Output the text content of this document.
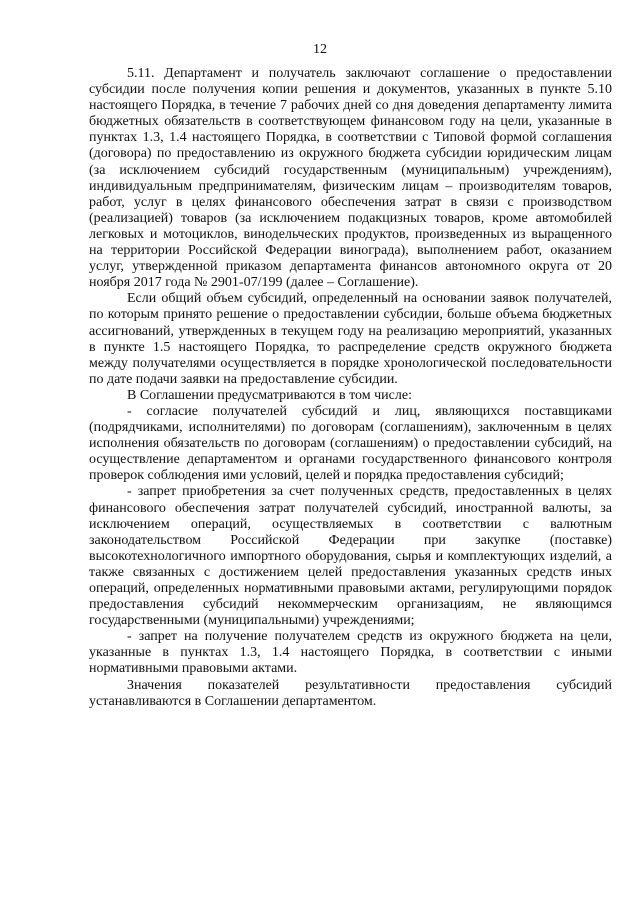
12

5.11. Департамент и получатель заключают соглашение о предоставлении субсидии после получения копии решения и документов, указанных в пункте 5.10 настоящего Порядка, в течение 7 рабочих дней со дня доведения департаменту лимита бюджетных обязательств в соответствующем финансовом году на цели, указанные в пунктах 1.3, 1.4 настоящего Порядка, в соответствии с Типовой формой соглашения (договора) по предоставлению из окружного бюджета субсидии юридическим лицам (за исключением субсидий государственным (муниципальным) учреждениям), индивидуальным предпринимателям, физическим лицам – производителям товаров, работ, услуг в целях финансового обеспечения затрат в связи с производством (реализацией) товаров (за исключением подакцизных товаров, кроме автомобилей легковых и мотоциклов, винодельческих продуктов, произведенных из выращенного на территории Российской Федерации винограда), выполнением работ, оказанием услуг, утвержденной приказом департамента финансов автономного округа от 20 ноября 2017 года № 2901-07/199 (далее – Соглашение).

Если общий объем субсидий, определенный на основании заявок получателей, по которым принято решение о предоставлении субсидии, больше объема бюджетных ассигнований, утвержденных в текущем году на реализацию мероприятий, указанных в пункте 1.5 настоящего Порядка, то распределение средств окружного бюджета между получателями осуществляется в порядке хронологической последовательности по дате подачи заявки на предоставление субсидии.

В Соглашении предусматриваются в том числе:

- согласие получателей субсидий и лиц, являющихся поставщиками (подрядчиками, исполнителями) по договорам (соглашениям), заключенным в целях исполнения обязательств по договорам (соглашениям) о предоставлении субсидий, на осуществление департаментом и органами государственного финансового контроля проверок соблюдения ими условий, целей и порядка предоставления субсидий;

- запрет приобретения за счет полученных средств, предоставленных в целях финансового обеспечения затрат получателей субсидий, иностранной валюты, за исключением операций, осуществляемых в соответствии с валютным законодательством Российской Федерации при закупке (поставке) высокотехнологичного импортного оборудования, сырья и комплектующих изделий, а также связанных с достижением целей предоставления указанных средств иных операций, определенных нормативными правовыми актами, регулирующими порядок предоставления субсидий некоммерческим организациям, не являющимся государственными (муниципальными) учреждениями;

- запрет на получение получателем средств из окружного бюджета на цели, указанные в пунктах 1.3, 1.4 настоящего Порядка, в соответствии с иными нормативными правовыми актами.

Значения показателей результативности предоставления субсидий устанавливаются в Соглашении департаментом.
